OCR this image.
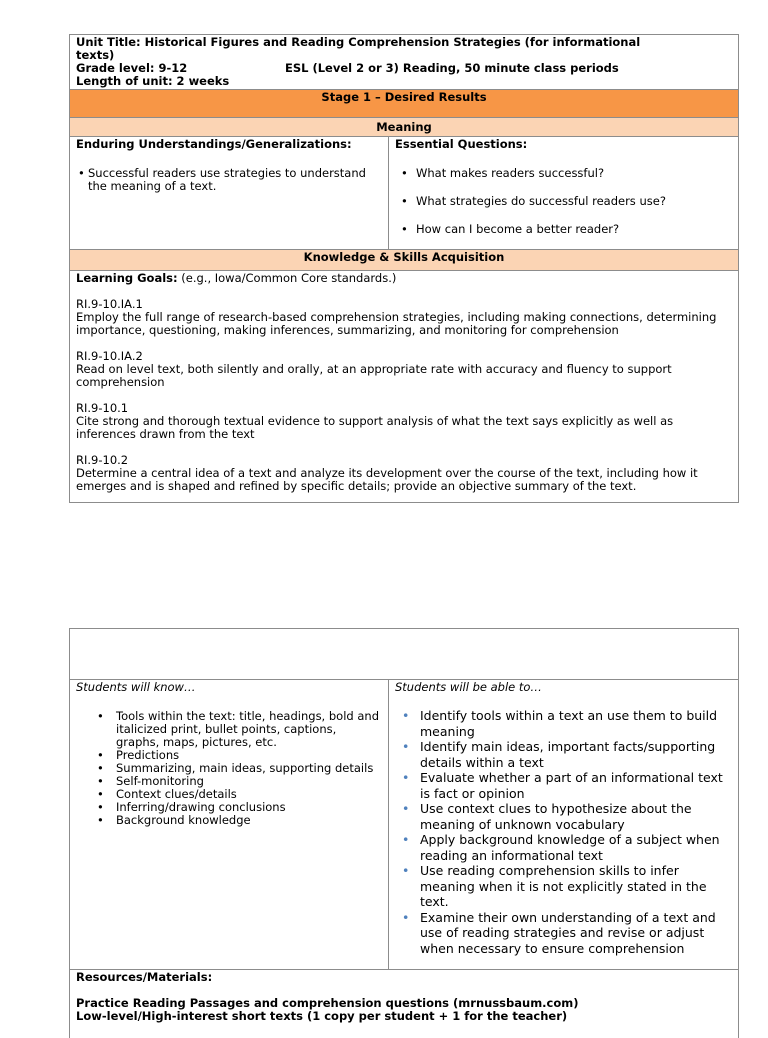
Unit Title: Historical Figures and Reading Comprehension Strategies (for informational texts)
Grade level: 9-12	ESL (Level 2 or 3) Reading, 50 minute class periods
Length of unit: 2 weeks
Stage 1 – Desired Results
Meaning
Enduring Understandings/Generalizations:
• Successful readers use strategies to understand the meaning of a text.
Essential Questions:
• What makes readers successful?
• What strategies do successful readers use?
• How can I become a better reader?
Knowledge & Skills Acquisition

Learning Goals: (e.g., Iowa/Common Core standards.)

RI.9-10.IA.1
Employ the full range of research-based comprehension strategies, including making connections, determining importance, questioning, making inferences, summarizing, and monitoring for comprehension

RI.9-10.IA.2
Read on level text, both silently and orally, at an appropriate rate with accuracy and fluency to support comprehension

RI.9-10.1
Cite strong and thorough textual evidence to support analysis of what the text says explicitly as well as inferences drawn from the text

RI.9-10.2
Determine a central idea of a text and analyze its development over the course of the text, including how it emerges and is shaped and refined by specific details; provide an objective summary of the text.

Students will know…
• Tools within the text: title, headings, bold and italicized print, bullet points, captions, graphs, maps, pictures, etc.
• Predictions
• Summarizing, main ideas, supporting details
• Self-monitoring
• Context clues/details
• Inferring/drawing conclusions
• Background knowledge
Students will be able to…
• Identify tools within a text an use them to build meaning
• Identify main ideas, important facts/supporting details within a text
• Evaluate whether a part of an informational text is fact or opinion
• Use context clues to hypothesize about the meaning of unknown vocabulary
• Apply background knowledge of a subject when reading an informational text
• Use reading comprehension skills to infer meaning when it is not explicitly stated in the text.
• Examine their own understanding of a text and use of reading strategies and revise or adjust when necessary to ensure comprehension
Resources/Materials:
Practice Reading Passages and comprehension questions (mrnussbaum.com)
Low-level/High-interest short texts (1 copy per student + 1 for the teacher)
